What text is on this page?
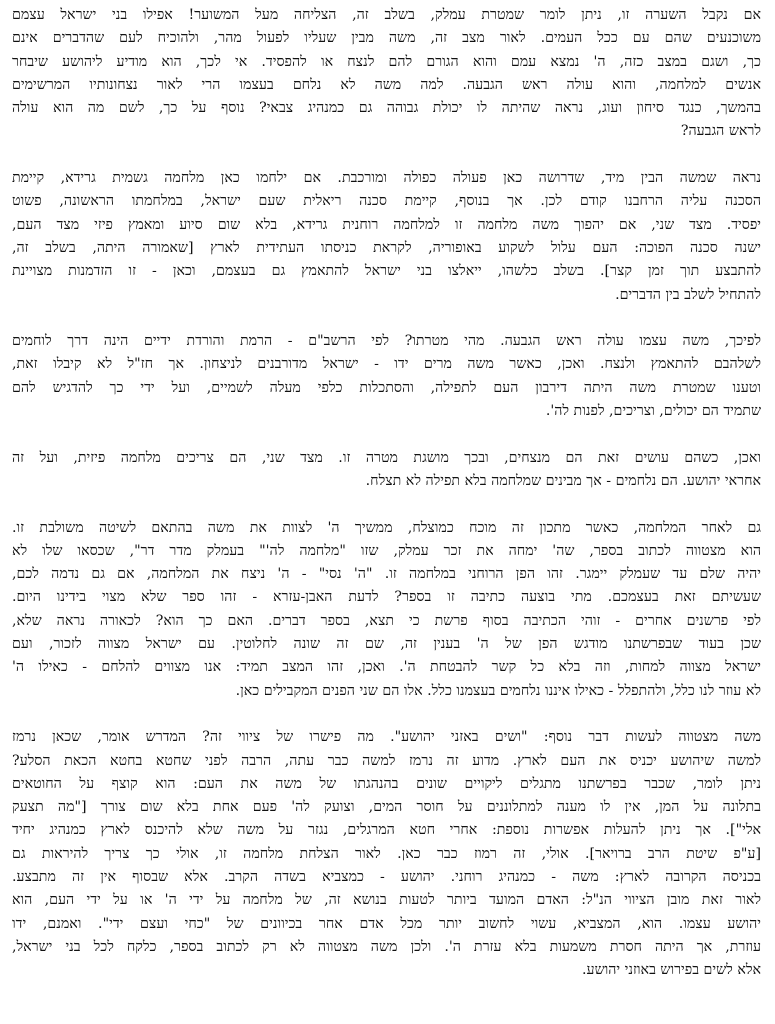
אם נקבל השערה זו, ניתן לומר שמטרת עמלק, בשלב זה, הצליחה מעל המשוער! אפילו בני ישראל עצמם
משוכנעים שהם עם ככל העמים. לאור מצב זה, משה מבין שעליו לפעול מהר, ולהוכיח לעם שהדברים אינם
כך, ושגם במצב כזה, ה' נמצא עמם והוא הגורם להם לנצח או להפסיד. אי לכך, הוא מודיע ליהושע שיבחר
אנשים למלחמה, והוא עולה ראש הגבעה. למה משה לא נלחם בעצמו הרי לאור נצחונותיו המרשימים
בהמשך, כנגד סיחון ועוג, נראה שהיתה לו יכולת גבוהה גם כמנהיג צבאי? נוסף על כך, לשם מה הוא עולה
לראש הגבעה?
נראה שמשה הבין מיד, שדרושה כאן פעולה כפולה ומורכבת. אם ילחמו כאן מלחמה גשמית גרידא, קיימת
הסכנה עליה הרחבנו קודם לכן. אך בנוסף, קיימת סכנה ריאלית שעם ישראל, במלחמתו הראשונה, פשוט
יפסיד. מצד שני, אם יהפוך משה מלחמה זו למלחמה רוחנית גרידא, בלא שום סיוע ומאמץ פיזי מצד העם,
ישנה סכנה הפוכה: העם עלול לשקוע באופוריה, לקראת כניסתו העתידית לארץ [שאמורה היתה, בשלב זה,
להתבצע תוך זמן קצר]. בשלב כלשהו, ייאלצו בני ישראל להתאמץ גם בעצמם, וכאן - זו הזדמנות מצויינת
להתחיל לשלב בין הדברים.
לפיכך, משה עצמו עולה ראש הגבעה. מהי מטרתו? לפי הרשב"ם - הרמת והורדת ידיים הינה דרך לוחמים
לשלהבם להתאמץ ולנצח. ואכן, כאשר משה מרים ידו - ישראל מדורבנים לניצחון. אך חז"ל לא קיבלו זאת,
וטענו שמטרת משה היתה דירבון העם לתפילה, והסתכלות כלפי מעלה לשמיים, ועל ידי כך להדגיש להם
שתמיד הם יכולים, וצריכים, לפנות לה'.
ואכן, כשהם עושים זאת הם מנצחים, ובכך מושגת מטרה זו. מצד שני, הם צריכים מלחמה פיזית, ועל זה
אחראי יהושע. הם נלחמים - אך מבינים שמלחמה בלא תפילה לא תצלח.
גם לאחר המלחמה, כאשר מתכון זה מוכח כמוצלח, ממשיך ה' לצוות את משה בהתאם לשיטה משולבת זו.
הוא מצטווה לכתוב בספר, שה' ימחה את זכר עמלק, שזו "מלחמה לה'" בעמלק מדר דר", שכסאו שלו לא
יהיה שלם עד שעמלק יימגר. זהו הפן הרוחני במלחמה זו. "ה' נסי" - ה' ניצח את המלחמה, אם גם נדמה לכם,
שעשיתם זאת בעצמכם. מתי בוצעה כתיבה זו בספר? לדעת האבן-עזרא - זהו ספר שלא מצוי בידינו היום.
לפי פרשנים אחרים - זוהי הכתיבה בסוף פרשת כי תצא, בספר דברים. האם כך הוא? לכאורה נראה שלא,
שכן בעוד שבפרשתנו מודגש הפן של ה' בענין זה, שם זה שונה לחלוטין. עם ישראל מצווה לזכור, ועם
ישראל מצווה למחות, וזה בלא כל קשר להבטחת ה'. ואכן, זהו המצב תמיד: אנו מצווים להלחם - כאילו ה'
לא עוזר לנו כלל, ולהתפלל - כאילו איננו נלחמים בעצמנו כלל. אלו הם שני הפנים המקבילים כאן.
משה מצטווה לעשות דבר נוסף: "ושים באזני יהושע". מה פישרו של ציווי זה? המדרש אומר, שכאן נרמז
למשה שיהושע יכניס את העם לארץ. מדוע זה נרמז למשה כבר עתה, הרבה לפני שחטא בחטא הכאת הסלע?
ניתן לומר, שכבר בפרשתנו מתגלים ליקויים שונים בהנהגתו של משה את העם: הוא קוצף על החוטאים
בתלונה על המן, אין לו מענה למתלוננים על חוסר המים, וצועק לה' פעם אחת בלא שום צורך ["מה תצעק
אלי"]. אך ניתן להעלות אפשרות נוספת: אחרי חטא המרגלים, נגזר על משה שלא להיכנס לארץ כמנהיג יחיד
[ע"פ שיטת הרב ברויאר]. אולי, זה רמוז כבר כאן. לאור הצלחת מלחמה זו, אולי כך צריך להיראות גם
בכניסה הקרובה לארץ: משה - כמנהיג רוחני. יהושע - כמצביא בשדה הקרב. אלא שבסוף אין זה מתבצע.
לאור זאת מובן הציווי הנ"ל: האדם המועד ביותר לטעות בנושא זה, של מלחמה על ידי ה' או על ידי העם, הוא
יהושע עצמו. הוא, המצביא, עשוי לחשוב יותר מכל אדם אחר בכיוונים של "כחי ועצם ידי". ואמנם, ידו
עוזרת, אך היתה חסרת משמעות בלא עזרת ה'. ולכן משה מצטווה לא רק לכתוב בספר, כלקח לכל בני ישראל,
אלא לשים בפירוש באוזני יהושע.
